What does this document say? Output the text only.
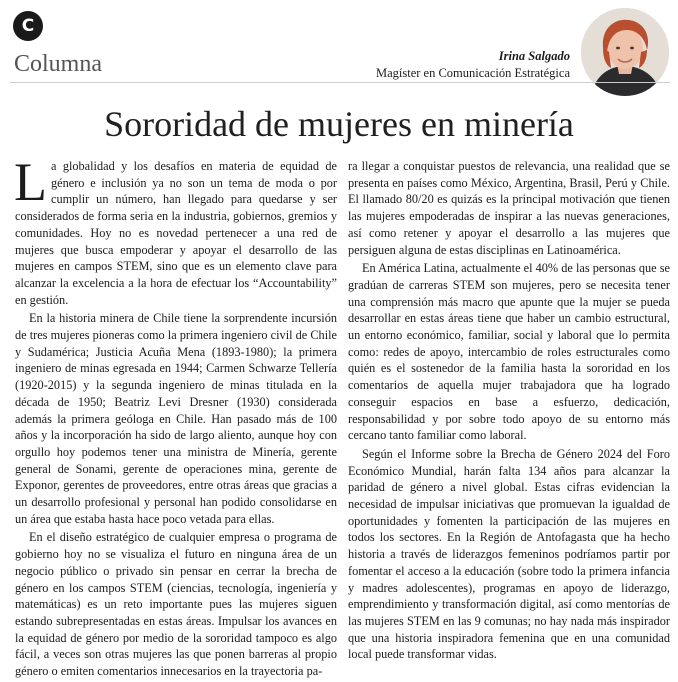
C
Columna	Irina Salgado
Magíster en Comunicación Estratégica
Sororidad de mujeres en minería

La globalidad y los desafíos en materia de equidad de género e inclusión ya no son un tema de moda o por cumplir un número, han llegado para quedarse y ser considerados de forma seria en la industria, gobiernos, gremios y comunidades. Hoy no es novedad pertenecer a una red de mujeres que busca empoderar y apoyar el desarrollo de las mujeres en campos STEM, sino que es un elemento clave para alcanzar la excelencia a la hora de efectuar los “Accountability” en gestión.

En la historia minera de Chile tiene la sorprendente incursión de tres mujeres pioneras como la primera ingeniero civil de Chile y Sudamérica; Justicia Acuña Mena (1893-1980); la primera ingeniero de minas egresada en 1944; Carmen Schwarze Tellería (1920-2015) y la segunda ingeniero de minas titulada en la década de 1950; Beatriz Levi Dresner (1930) considerada además la primera geóloga en Chile. Han pasado más de 100 años y la incorporación ha sido de largo aliento, aunque hoy con orgullo hoy podemos tener una ministra de Minería, gerente general de Sonami, gerente de operaciones mina, gerente de Exponor, gerentes de proveedores, entre otras áreas que gracias a un desarrollo profesional y personal han podido consolidarse en un área que estaba hasta hace poco vetada para ellas.

En el diseño estratégico de cualquier empresa o programa de gobierno hoy no se visualiza el futuro en ninguna área de un negocio público o privado sin pensar en cerrar la brecha de género en los campos STEM (ciencias, tecnología, ingeniería y matemáticas) es un reto importante pues las mujeres siguen estando subrepresentadas en estas áreas. Impulsar los avances en la equidad de género por medio de la sororidad tampoco es algo fácil, a veces son otras mujeres las que ponen barreras al propio género o emiten comentarios innecesarios en la trayectoria pa-

ra llegar a conquistar puestos de relevancia, una realidad que se presenta en países como México, Argentina, Brasil, Perú y Chile. El llamado 80/20 es quizás es la principal motivación que tienen las mujeres empoderadas de inspirar a las nuevas generaciones, así como retener y apoyar el desarrollo a las mujeres que persiguen alguna de estas disciplinas en Latinoamérica.

En América Latina, actualmente el 40% de las personas que se gradúan de carreras STEM son mujeres, pero se necesita tener una comprensión más macro que apunte que la mujer se pueda desarrollar en estas áreas tiene que haber un cambio estructural, un entorno económico, familiar, social y laboral que lo permita como: redes de apoyo, intercambio de roles estructurales como quién es el sostenedor de la familia hasta la sororidad en los comentarios de aquella mujer trabajadora que ha logrado conseguir espacios en base a esfuerzo, dedicación, responsabilidad y por sobre todo apoyo de su entorno más cercano tanto familiar como laboral.

Según el Informe sobre la Brecha de Género 2024 del Foro Económico Mundial, harán falta 134 años para alcanzar la paridad de género a nivel global. Estas cifras evidencian la necesidad de impulsar iniciativas que promuevan la igualdad de oportunidades y fomenten la participación de las mujeres en todos los sectores. En la Región de Antofagasta que ha hecho historia a través de liderazgos femeninos podríamos partir por fomentar el acceso a la educación (sobre todo la primera infancia y madres adolescentes), programas en apoyo de liderazgo, emprendimiento y transformación digital, así como mentorías de las mujeres STEM en las 9 comunas; no hay nada más inspirador que una historia inspiradora femenina que en una comunidad local puede transformar vidas.
